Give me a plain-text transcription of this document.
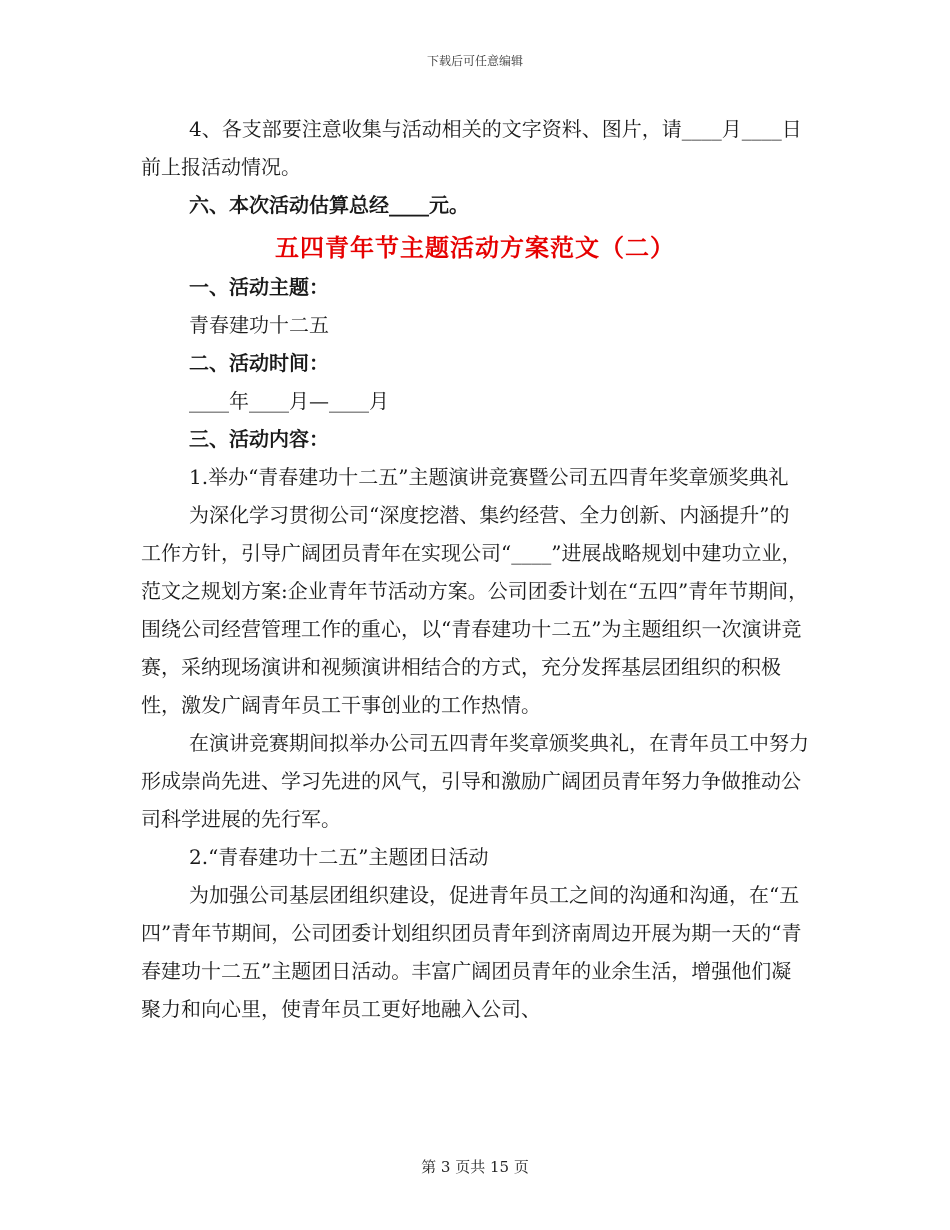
下载后可任意编辑

4、各支部要注意收集与活动相关的文字资料、图片，请____月____日前上报活动情况。

六、本次活动估算总经____元。

五四青年节主题活动方案范文（二）

一、活动主题：

青春建功十二五

二、活动时间：

____年____月—____月

三、活动内容：

1.举办“青春建功十二五”主题演讲竞赛暨公司五四青年奖章颁奖典礼

为深化学习贯彻公司“深度挖潜、集约经营、全力创新、内涵提升”的工作方针，引导广阔团员青年在实现公司“____”进展战略规划中建功立业，范文之规划方案:企业青年节活动方案。公司团委计划在“五四”青年节期间，围绕公司经营管理工作的重心，以“青春建功十二五”为主题组织一次演讲竞赛，采纳现场演讲和视频演讲相结合的方式，充分发挥基层团组织的积极性，激发广阔青年员工干事创业的工作热情。

在演讲竞赛期间拟举办公司五四青年奖章颁奖典礼，在青年员工中努力形成崇尚先进、学习先进的风气，引导和激励广阔团员青年努力争做推动公司科学进展的先行军。

2.“青春建功十二五”主题团日活动

为加强公司基层团组织建设，促进青年员工之间的沟通和沟通，在“五四”青年节期间，公司团委计划组织团员青年到济南周边开展为期一天的“青春建功十二五”主题团日活动。丰富广阔团员青年的业余生活，增强他们凝聚力和向心里，使青年员工更好地融入公司、

第 3 页共 15 页
